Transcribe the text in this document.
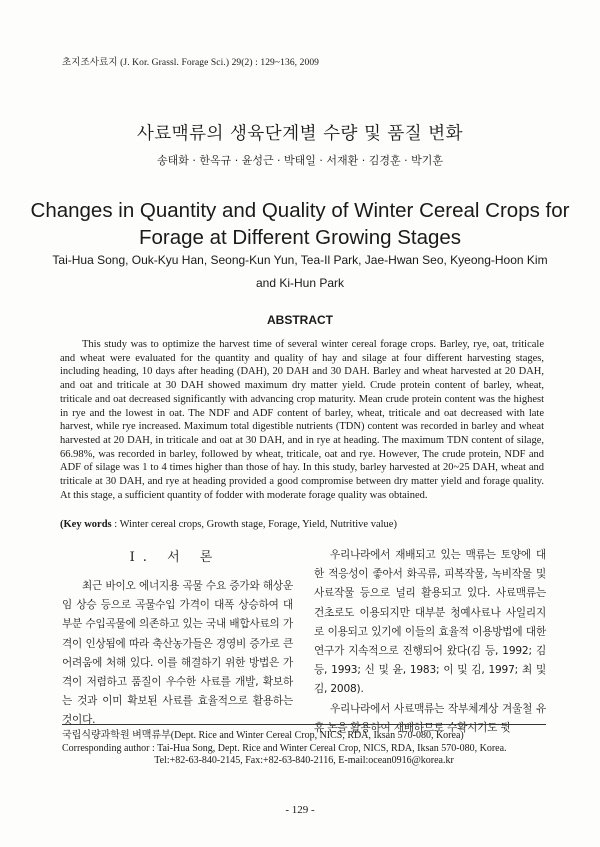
초지조사료지 (J. Kor. Grassl. Forage Sci.) 29(2) : 129~136, 2009
사료맥류의 생육단계별 수량 및 품질 변화
송태화 · 한옥규 · 윤성근 · 박태일 · 서재환 · 김경훈 · 박기훈
Changes in Quantity and Quality of Winter Cereal Crops for
Forage at Different Growing Stages
Tai-Hua Song, Ouk-Kyu Han, Seong-Kun Yun, Tea-Il Park, Jae-Hwan Seo, Kyeong-Hoon Kim and Ki-Hun Park
ABSTRACT
This study was to optimize the harvest time of several winter cereal forage crops. Barley, rye, oat, triticale and wheat were evaluated for the quantity and quality of hay and silage at four different harvesting stages, including heading, 10 days after heading (DAH), 20 DAH and 30 DAH. Barley and wheat harvested at 20 DAH, and oat and triticale at 30 DAH showed maximum dry matter yield. Crude protein content of barley, wheat, triticale and oat decreased significantly with advancing crop maturity. Mean crude protein content was the highest in rye and the lowest in oat. The NDF and ADF content of barley, wheat, triticale and oat decreased with late harvest, while rye increased. Maximum total digestible nutrients (TDN) content was recorded in barley and wheat harvested at 20 DAH, in triticale and oat at 30 DAH, and in rye at heading. The maximum TDN content of silage, 66.98%, was recorded in barley, followed by wheat, triticale, oat and rye. However, The crude protein, NDF and ADF of silage was 1 to 4 times higher than those of hay. In this study, barley harvested at 20~25 DAH, wheat and triticale at 30 DAH, and rye at heading provided a good compromise between dry matter yield and forage quality. At this stage, a sufficient quantity of fodder with moderate forage quality was obtained.
(Key words : Winter cereal crops, Growth stage, Forage, Yield, Nutritive value)
I. 서 론
최근 바이오 에너지용 곡물 수요 증가와 해상운임 상승 등으로 곡물수입 가격이 대폭 상승하여 대부분 수입곡물에 의존하고 있는 국내 배합사료의 가격이 인상됨에 따라 축산농가들은 경영비 증가로 큰 어려움에 처해 있다. 이를 해결하기 위한 방법은 가격이 저렴하고 품질이 우수한 사료를 개발, 확보하는 것과 이미 확보된 사료를 효율적으로 활용하는 것이다.

우리나라에서 재배되고 있는 맥류는 토양에 대한 적응성이 좋아서 화곡류, 피복작물, 녹비작물 및 사료작물 등으로 널리 활용되고 있다. 사료맥류는 건초로도 이용되지만 대부분 청예사료나 사일리지로 이용되고 있기에 이들의 효율적 이용방법에 대한 연구가 지속적으로 진행되어 왔다(김 등, 1992; 김 등, 1993; 신 및 윤, 1983; 이 및 김, 1997; 최 및 김, 2008).

우리나라에서 사료맥류는 작부체계상 겨울철 유휴 논을 활용하여 재배하므로 수확시기도 뒷

국립식량과학원 벼맥류부(Dept. Rice and Winter Cereal Crop, NICS, RDA, Iksan 570-080, Korea)
Corresponding author : Tai-Hua Song, Dept. Rice and Winter Cereal Crop, NICS, RDA, Iksan 570-080, Korea.
Tel:+82-63-840-2145, Fax:+82-63-840-2116, E-mail:ocean0916@korea.kr
- 129 -
